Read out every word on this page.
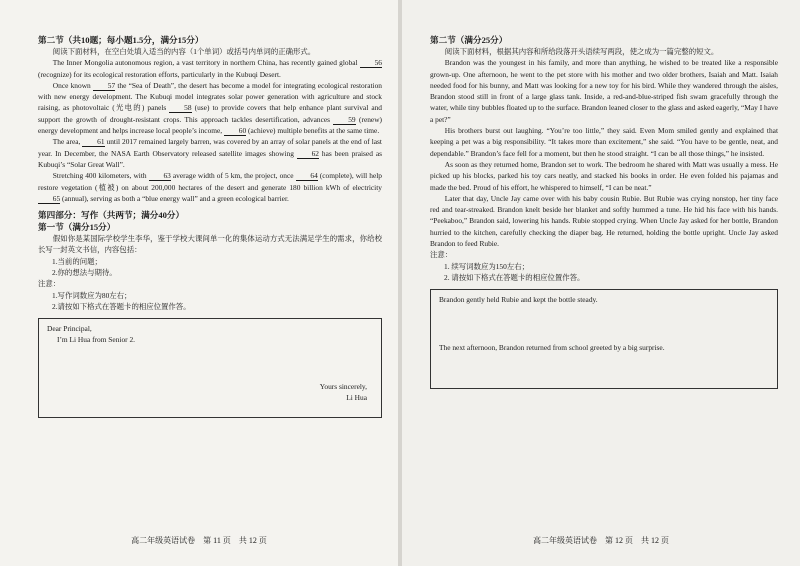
第二节（共10题；每小题1.5分，满分15分）

阅读下面材料，在空白处填入适当的内容（1个单词）或括号内单词的正确形式。

The Inner Mongolia autonomous region, a vast territory in northern China, has recently gained global 56 (recognize) for its ecological restoration efforts, particularly in the Kubuqi Desert.

Once known 57 the “Sea of Death”, the desert has become a model for integrating ecological restoration with new energy development. The Kubuqi model integrates solar power generation with agriculture and stock raising, as photovoltaic (光电的) panels 58 (use) to provide covers that help enhance plant survival and support the growth of drought-resistant crops. This approach tackles desertification, advances 59 (renew) energy development and helps increase local people’s income, 60 (achieve) multiple benefits at the same time.

The area, 61 until 2017 remained largely barren, was covered by an array of solar panels at the end of last year. In December, the NASA Earth Observatory released satellite images showing 62 has been praised as Kubuqi’s “Solar Great Wall”.

Stretching 400 kilometers, with 63 average width of 5 km, the project, once 64 (complete), will help restore vegetation (植被) on about 200,000 hectares of the desert and generate 180 billion kWh of electricity 65 (annual), serving as both a “blue energy wall” and a green ecological barrier.

第四部分：写作（共两节；满分40分）

第一节（满分15分）

假如你是某国际学校学生李华，鉴于学校大课间单一化的集体运动方式无法满足学生的需求，你给校长写一封英文书信，内容包括：

1.当前的问题；

2.你的想法与期待。

注意：

1.写作词数应为80左右；

2.请按如下格式在答题卡的相应位置作答。

Dear Principal,
I’m Li Hua from Senior 2.
Yours sincerely,
Li Hua
高二年级英语试卷　第 11 页　共 12 页

第二节（满分25分）

阅读下面材料，根据其内容和所给段落开头语续写两段，使之成为一篇完整的短文。

Brandon was the youngest in his family, and more than anything, he wished to be treated like a responsible grown-up. One afternoon, he went to the pet store with his mother and two older brothers, Isaiah and Matt. Isaiah needed food for his bunny, and Matt was looking for a new toy for his bird. While they wandered through the aisles, Brandon stood still in front of a large glass tank. Inside, a red-and-blue-striped fish swam gracefully through the water, while tiny bubbles floated up to the surface. Brandon leaned closer to the glass and asked eagerly, “May I have a pet?”

His brothers burst out laughing. “You’re too little,” they said. Even Mom smiled gently and explained that keeping a pet was a big responsibility. “It takes more than excitement,” she said. “You have to be gentle, neat, and dependable.” Brandon’s face fell for a moment, but then he stood straight. “I can be all those things,” he insisted.

As soon as they returned home, Brandon set to work. The bedroom he shared with Matt was usually a mess. He picked up his blocks, parked his toy cars neatly, and stacked his books in order. He even folded his pajamas and made the bed. Proud of his effort, he whispered to himself, “I can be neat.”

Later that day, Uncle Jay came over with his baby cousin Rubie. But Rubie was crying nonstop, her tiny face red and tear-streaked. Brandon knelt beside her blanket and softly hummed a tune. He hid his face with his hands. “Peekaboo,” Brandon said, lowering his hands. Rubie stopped crying. When Uncle Jay asked for her bottle, Brandon hurried to the kitchen, carefully checking the diaper bag. He returned, holding the bottle upright. Uncle Jay asked Brandon to feed Rubie.

注意：

1. 续写词数应为150左右；

2. 请按如下格式在答题卡的相应位置作答。

Brandon gently held Rubie and kept the bottle steady.
The next afternoon, Brandon returned from school greeted by a big surprise.
高二年级英语试卷　第 12 页　共 12 页
